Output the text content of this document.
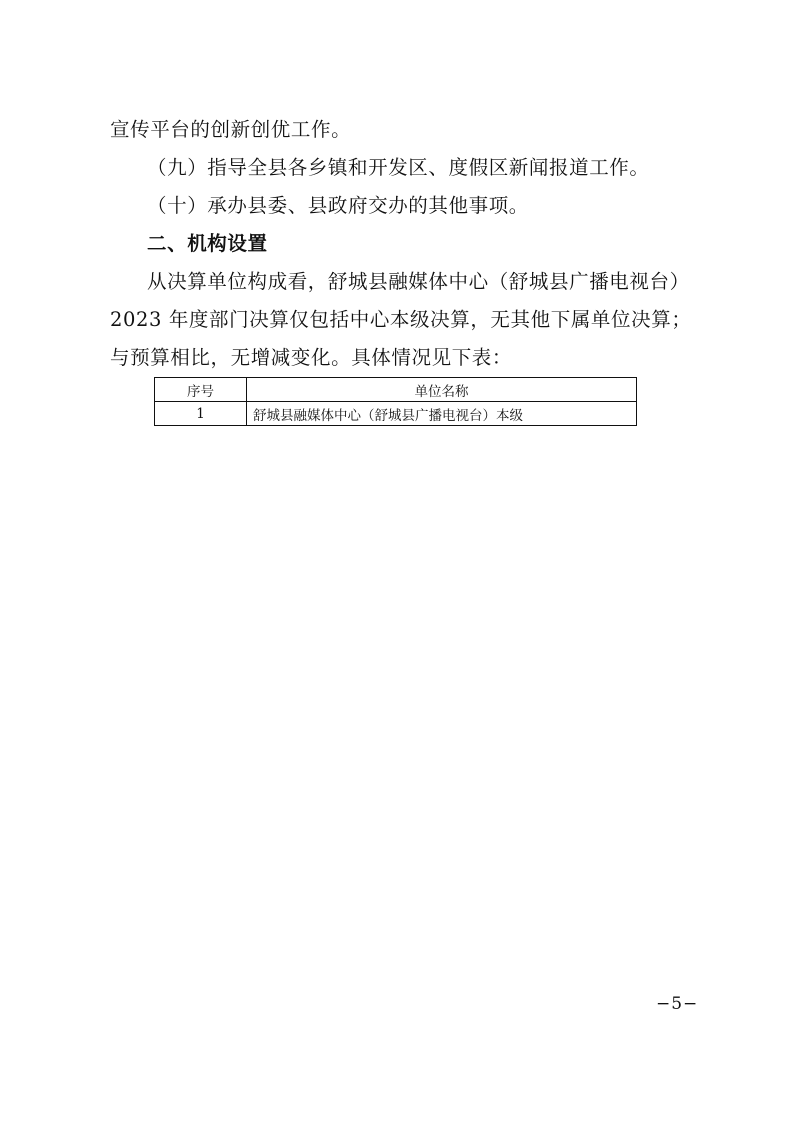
宣传平台的创新创优工作。
（九）指导全县各乡镇和开发区、度假区新闻报道工作。
（十）承办县委、县政府交办的其他事项。
二、机构设置
从决算单位构成看，舒城县融媒体中心（舒城县广播电视台）
2023 年度部门决算仅包括中心本级决算，无其他下属单位决算；
与预算相比，无增减变化。具体情况见下表：
序号	单位名称
1	舒城县融媒体中心（舒城县广播电视台）本级
−5−
